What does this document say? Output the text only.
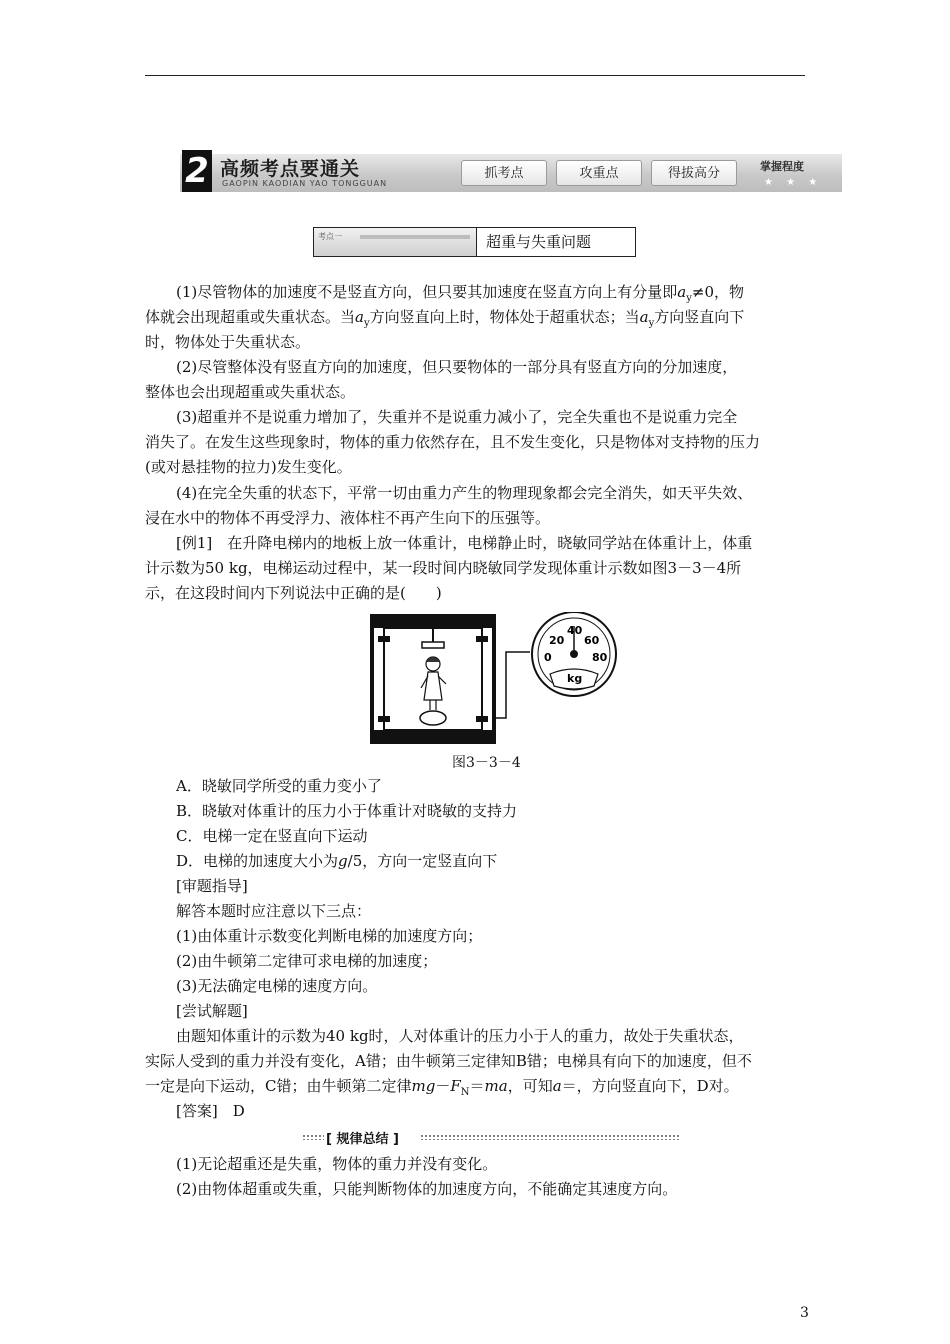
2 高频考点要通关
GAOPIN KAODIAN YAO TONGGUAN
抓考点	攻重点	得拔高分	掌握程度
★ ★ ★
考点一	超重与失重问题
(1)尽管物体的加速度不是竖直方向，但只要其加速度在竖直方向上有分量即$a_y\ne 0$，物
体就会出现超重或失重状态。当$a_y$方向竖直向上时，物体处于超重状态；当$a_y$方向竖直向下
时，物体处于失重状态。
(2)尽管整体没有竖直方向的加速度，但只要物体的一部分具有竖直方向的分加速度，
整体也会出现超重或失重状态。
(3)超重并不是说重力增加了，失重并不是说重力减小了，完全失重也不是说重力完全
消失了。在发生这些现象时，物体的重力依然存在，且不发生变化，只是物体对支持物的压力
(或对悬挂物的拉力)发生变化。
(4)在完全失重的状态下，平常一切由重力产生的物理现象都会完全消失，如天平失效、
浸在水中的物体不再受浮力、液体柱不再产生向下的压强等。
[例1]　在升降电梯内的地板上放一体重计，电梯静止时，晓敏同学站在体重计上，体重
计示数为50 kg，电梯运动过程中，某一段时间内晓敏同学发现体重计示数如图3－3－4所
示，在这段时间内下列说法中正确的是(　　)
0
20
40
60
80
kg
图3－3－4
A．晓敏同学所受的重力变小了
B．晓敏对体重计的压力小于体重计对晓敏的支持力
C．电梯一定在竖直向下运动
D．电梯的加速度大小为g/5，方向一定竖直向下
[审题指导]
解答本题时应注意以下三点：
(1)由体重计示数变化判断电梯的加速度方向；
(2)由牛顿第二定律可求电梯的加速度；
(3)无法确定电梯的速度方向。
[尝试解题]
由题知体重计的示数为40 kg时，人对体重计的压力小于人的重力，故处于失重状态，
实际人受到的重力并没有变化，A错；由牛顿第三定律知B错；电梯具有向下的加速度，但不
一定是向下运动，C错；由牛顿第二定律$mg-F_N=ma$，可知a＝，方向竖直向下，D对。
[答案]　D
[ 规律总结 ]
(1)无论超重还是失重，物体的重力并没有变化。
(2)由物体超重或失重，只能判断物体的加速度方向，不能确定其速度方向。
3
